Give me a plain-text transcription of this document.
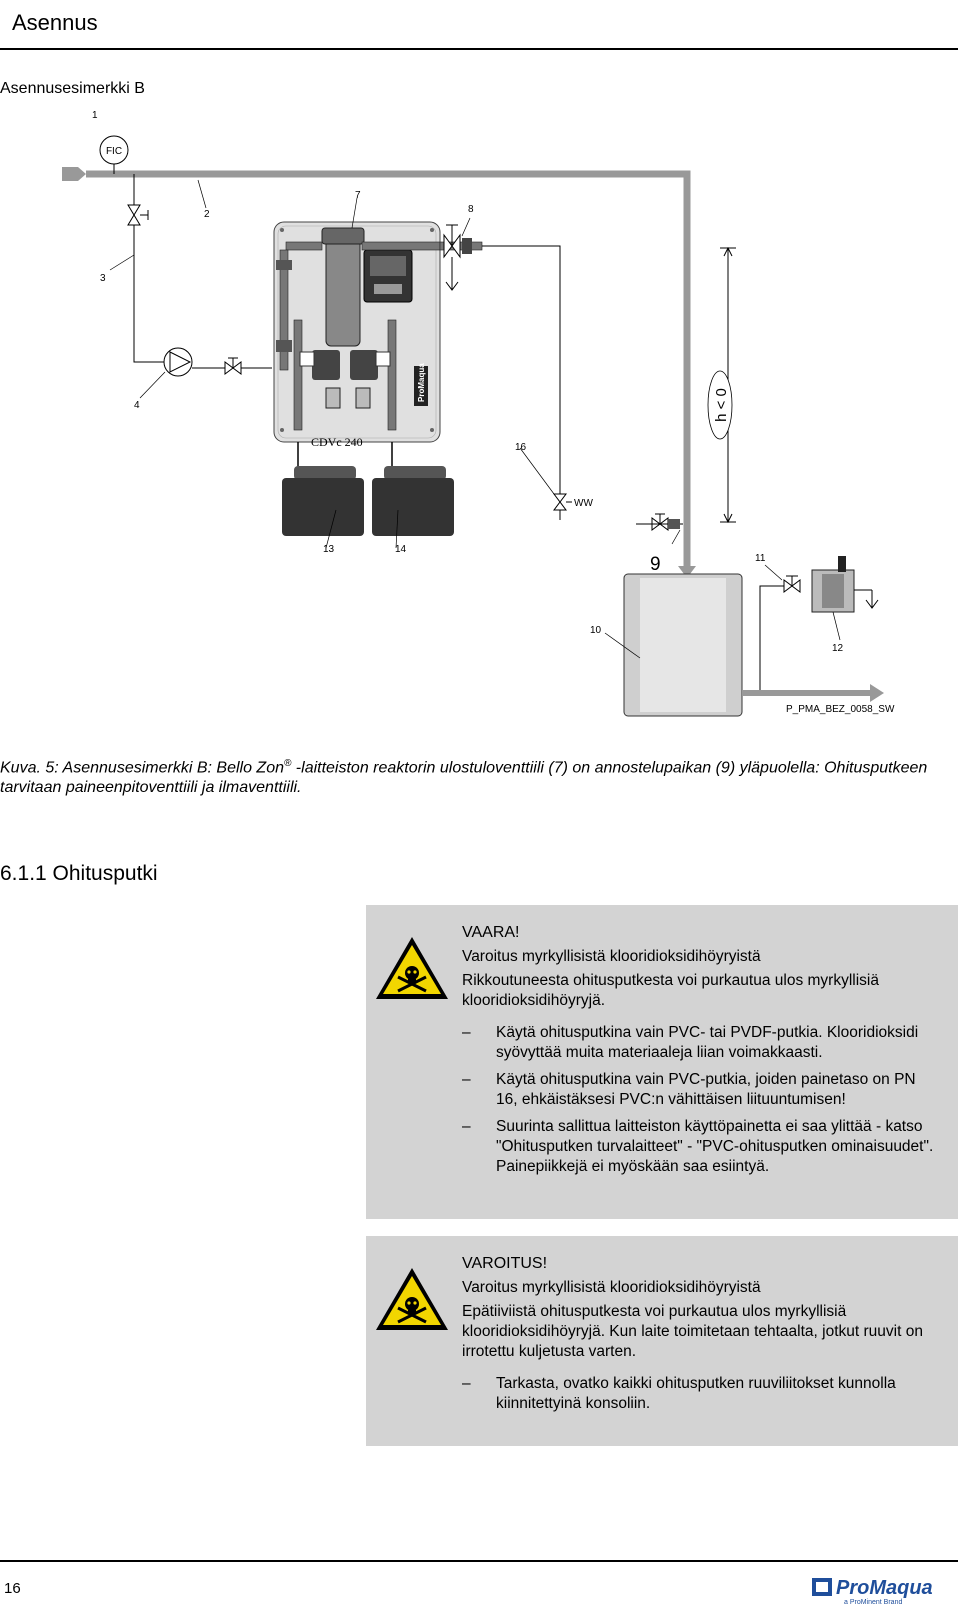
Asennus
Asennusesimerkki B
FIC
ProMaqua
CDVc 240
h < 0
1
2
3
4
7
8
9
10
11
12
13	14
16
WW
P_PMA_BEZ_0058_SW
Kuva. 5: Asennusesimerkki B: Bello Zon® -laitteiston reaktorin ulostuloventtiili (7) on annostelupaikan (9) yläpuolella: Ohitusputkeen tarvitaan paineenpitoventtiili ja ilmaventtiili.
6.1.1 Ohitusputki
VAARA!
Varoitus myrkyllisistä klooridioksidihöyryistä
Rikkoutuneesta ohitusputkesta voi purkautua ulos myrkyllisiä klooridioksidihöyryjä.
– Käytä ohitusputkina vain PVC- tai PVDF-putkia. Klooridioksidi syövyttää muita materiaaleja liian voimakkaasti.
– Käytä ohitusputkina vain PVC-putkia, joiden painetaso on PN 16, ehkäistäksesi PVC:n vähittäisen liituuntumisen!
– Suurinta sallittua laitteiston käyttöpainetta ei saa ylittää - katso "Ohitusputken turvalaitteet" - "PVC-ohitusputken ominaisuudet". Painepiikkejä ei myöskään saa esiintyä.
VAROITUS!
Varoitus myrkyllisistä klooridioksidihöyryistä
Epätiiviistä ohitusputkesta voi purkautua ulos myrkyllisiä klooridioksidihöyryjä. Kun laite toimitetaan tehtaalta, jotkut ruuvit on irrotettu kuljetusta varten.
– Tarkasta, ovatko kaikki ohitusputken ruuviliitokset kunnolla kiinnitettyinä konsoliin.
16	ProMaqua
a ProMinent Brand
